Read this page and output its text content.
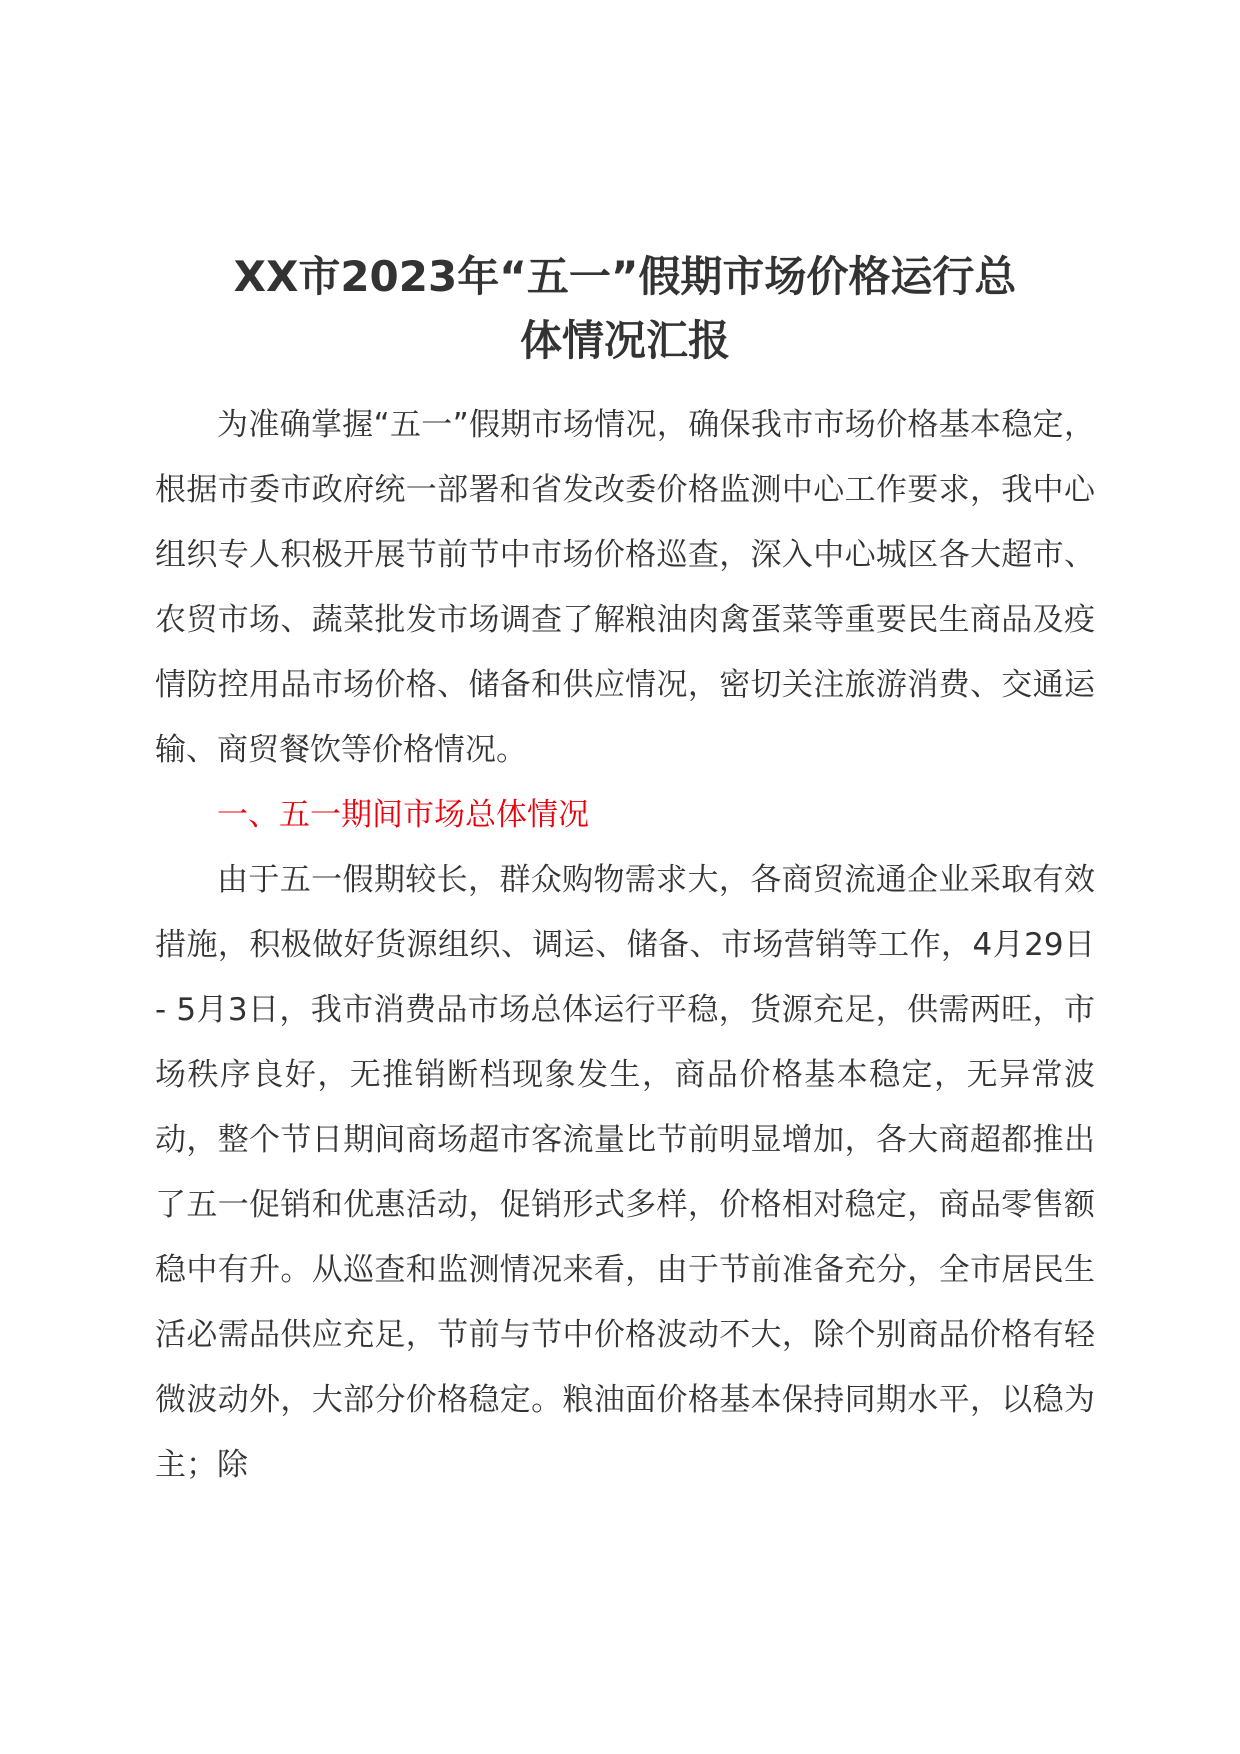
XX市2023年“五一”假期市场价格运行总
体情况汇报

为准确掌握“五一”假期市场情况，确保我市市场价格基本稳定，根据市委市政府统一部署和省发改委价格监测中心工作要求，我中心组织专人积极开展节前节中市场价格巡查，深入中心城区各大超市、农贸市场、蔬菜批发市场调查了解粮油肉禽蛋菜等重要民生商品及疫情防控用品市场价格、储备和供应情况，密切关注旅游消费、交通运输、商贸餐饮等价格情况。

一、五一期间市场总体情况

由于五一假期较长，群众购物需求大，各商贸流通企业采取有效措施，积极做好货源组织、调运、储备、市场营销等工作，4月29日 - 5月3日，我市消费品市场总体运行平稳，货源充足，供需两旺，市场秩序良好，无推销断档现象发生，商品价格基本稳定，无异常波动，整个节日期间商场超市客流量比节前明显增加，各大商超都推出了五一促销和优惠活动，促销形式多样，价格相对稳定，商品零售额稳中有升。从巡查和监测情况来看，由于节前准备充分，全市居民生活必需品供应充足，节前与节中价格波动不大，除个别商品价格有轻微波动外，大部分价格稳定。粮油面价格基本保持同期水平，以稳为主；除
